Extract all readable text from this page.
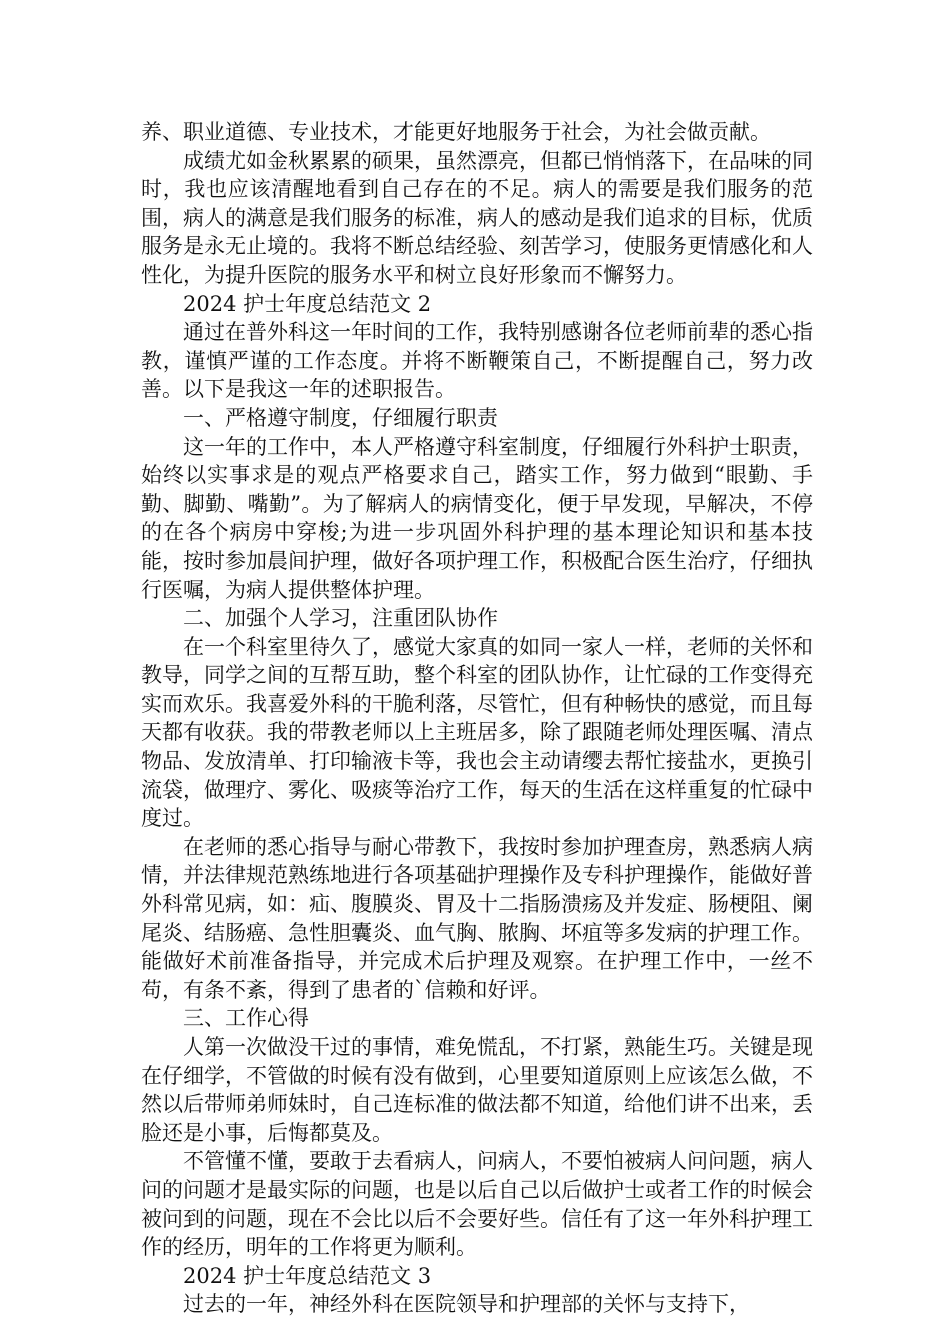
养、职业道德、专业技术，才能更好地服务于社会，为社会做贡献。

成绩尤如金秋累累的硕果，虽然漂亮，但都已悄悄落下，在品味的同时，我也应该清醒地看到自己存在的不足。病人的需要是我们服务的范围，病人的满意是我们服务的标准，病人的感动是我们追求的目标，优质服务是永无止境的。我将不断总结经验、刻苦学习，使服务更情感化和人性化，为提升医院的服务水平和树立良好形象而不懈努力。

2024 护士年度总结范文 2

通过在普外科这一年时间的工作，我特别感谢各位老师前辈的悉心指教，谨慎严谨的工作态度。并将不断鞭策自己，不断提醒自己，努力改善。以下是我这一年的述职报告。

一、严格遵守制度，仔细履行职责

这一年的工作中，本人严格遵守科室制度，仔细履行外科护士职责，始终以实事求是的观点严格要求自己，踏实工作，努力做到“眼勤、手勤、脚勤、嘴勤”。为了解病人的病情变化，便于早发现，早解决，不停的在各个病房中穿梭;为进一步巩固外科护理的基本理论知识和基本技能，按时参加晨间护理，做好各项护理工作，积极配合医生治疗，仔细执行医嘱，为病人提供整体护理。

二、加强个人学习，注重团队协作

在一个科室里待久了，感觉大家真的如同一家人一样，老师的关怀和教导，同学之间的互帮互助，整个科室的团队协作，让忙碌的工作变得充实而欢乐。我喜爱外科的干脆利落，尽管忙，但有种畅快的感觉，而且每天都有收获。我的带教老师以上主班居多，除了跟随老师处理医嘱、清点物品、发放清单、打印输液卡等，我也会主动请缨去帮忙接盐水，更换引流袋，做理疗、雾化、吸痰等治疗工作，每天的生活在这样重复的忙碌中度过。

在老师的悉心指导与耐心带教下，我按时参加护理查房，熟悉病人病情，并法律规范熟练地进行各项基础护理操作及专科护理操作，能做好普外科常见病，如：疝、腹膜炎、胃及十二指肠溃疡及并发症、肠梗阻、阑尾炎、结肠癌、急性胆囊炎、血气胸、脓胸、坏疽等多发病的护理工作。能做好术前准备指导，并完成术后护理及观察。在护理工作中，一丝不苟，有条不紊，得到了患者的`信赖和好评。

三、工作心得

人第一次做没干过的事情，难免慌乱，不打紧，熟能生巧。关键是现在仔细学，不管做的时候有没有做到，心里要知道原则上应该怎么做，不然以后带师弟师妹时，自己连标准的做法都不知道，给他们讲不出来，丢脸还是小事，后悔都莫及。

不管懂不懂，要敢于去看病人，问病人，不要怕被病人问问题，病人问的问题才是最实际的问题，也是以后自己以后做护士或者工作的时候会被问到的问题，现在不会比以后不会要好些。信任有了这一年外科护理工作的经历，明年的工作将更为顺利。

2024 护士年度总结范文 3

过去的一年，神经外科在医院领导和护理部的关怀与支持下，
